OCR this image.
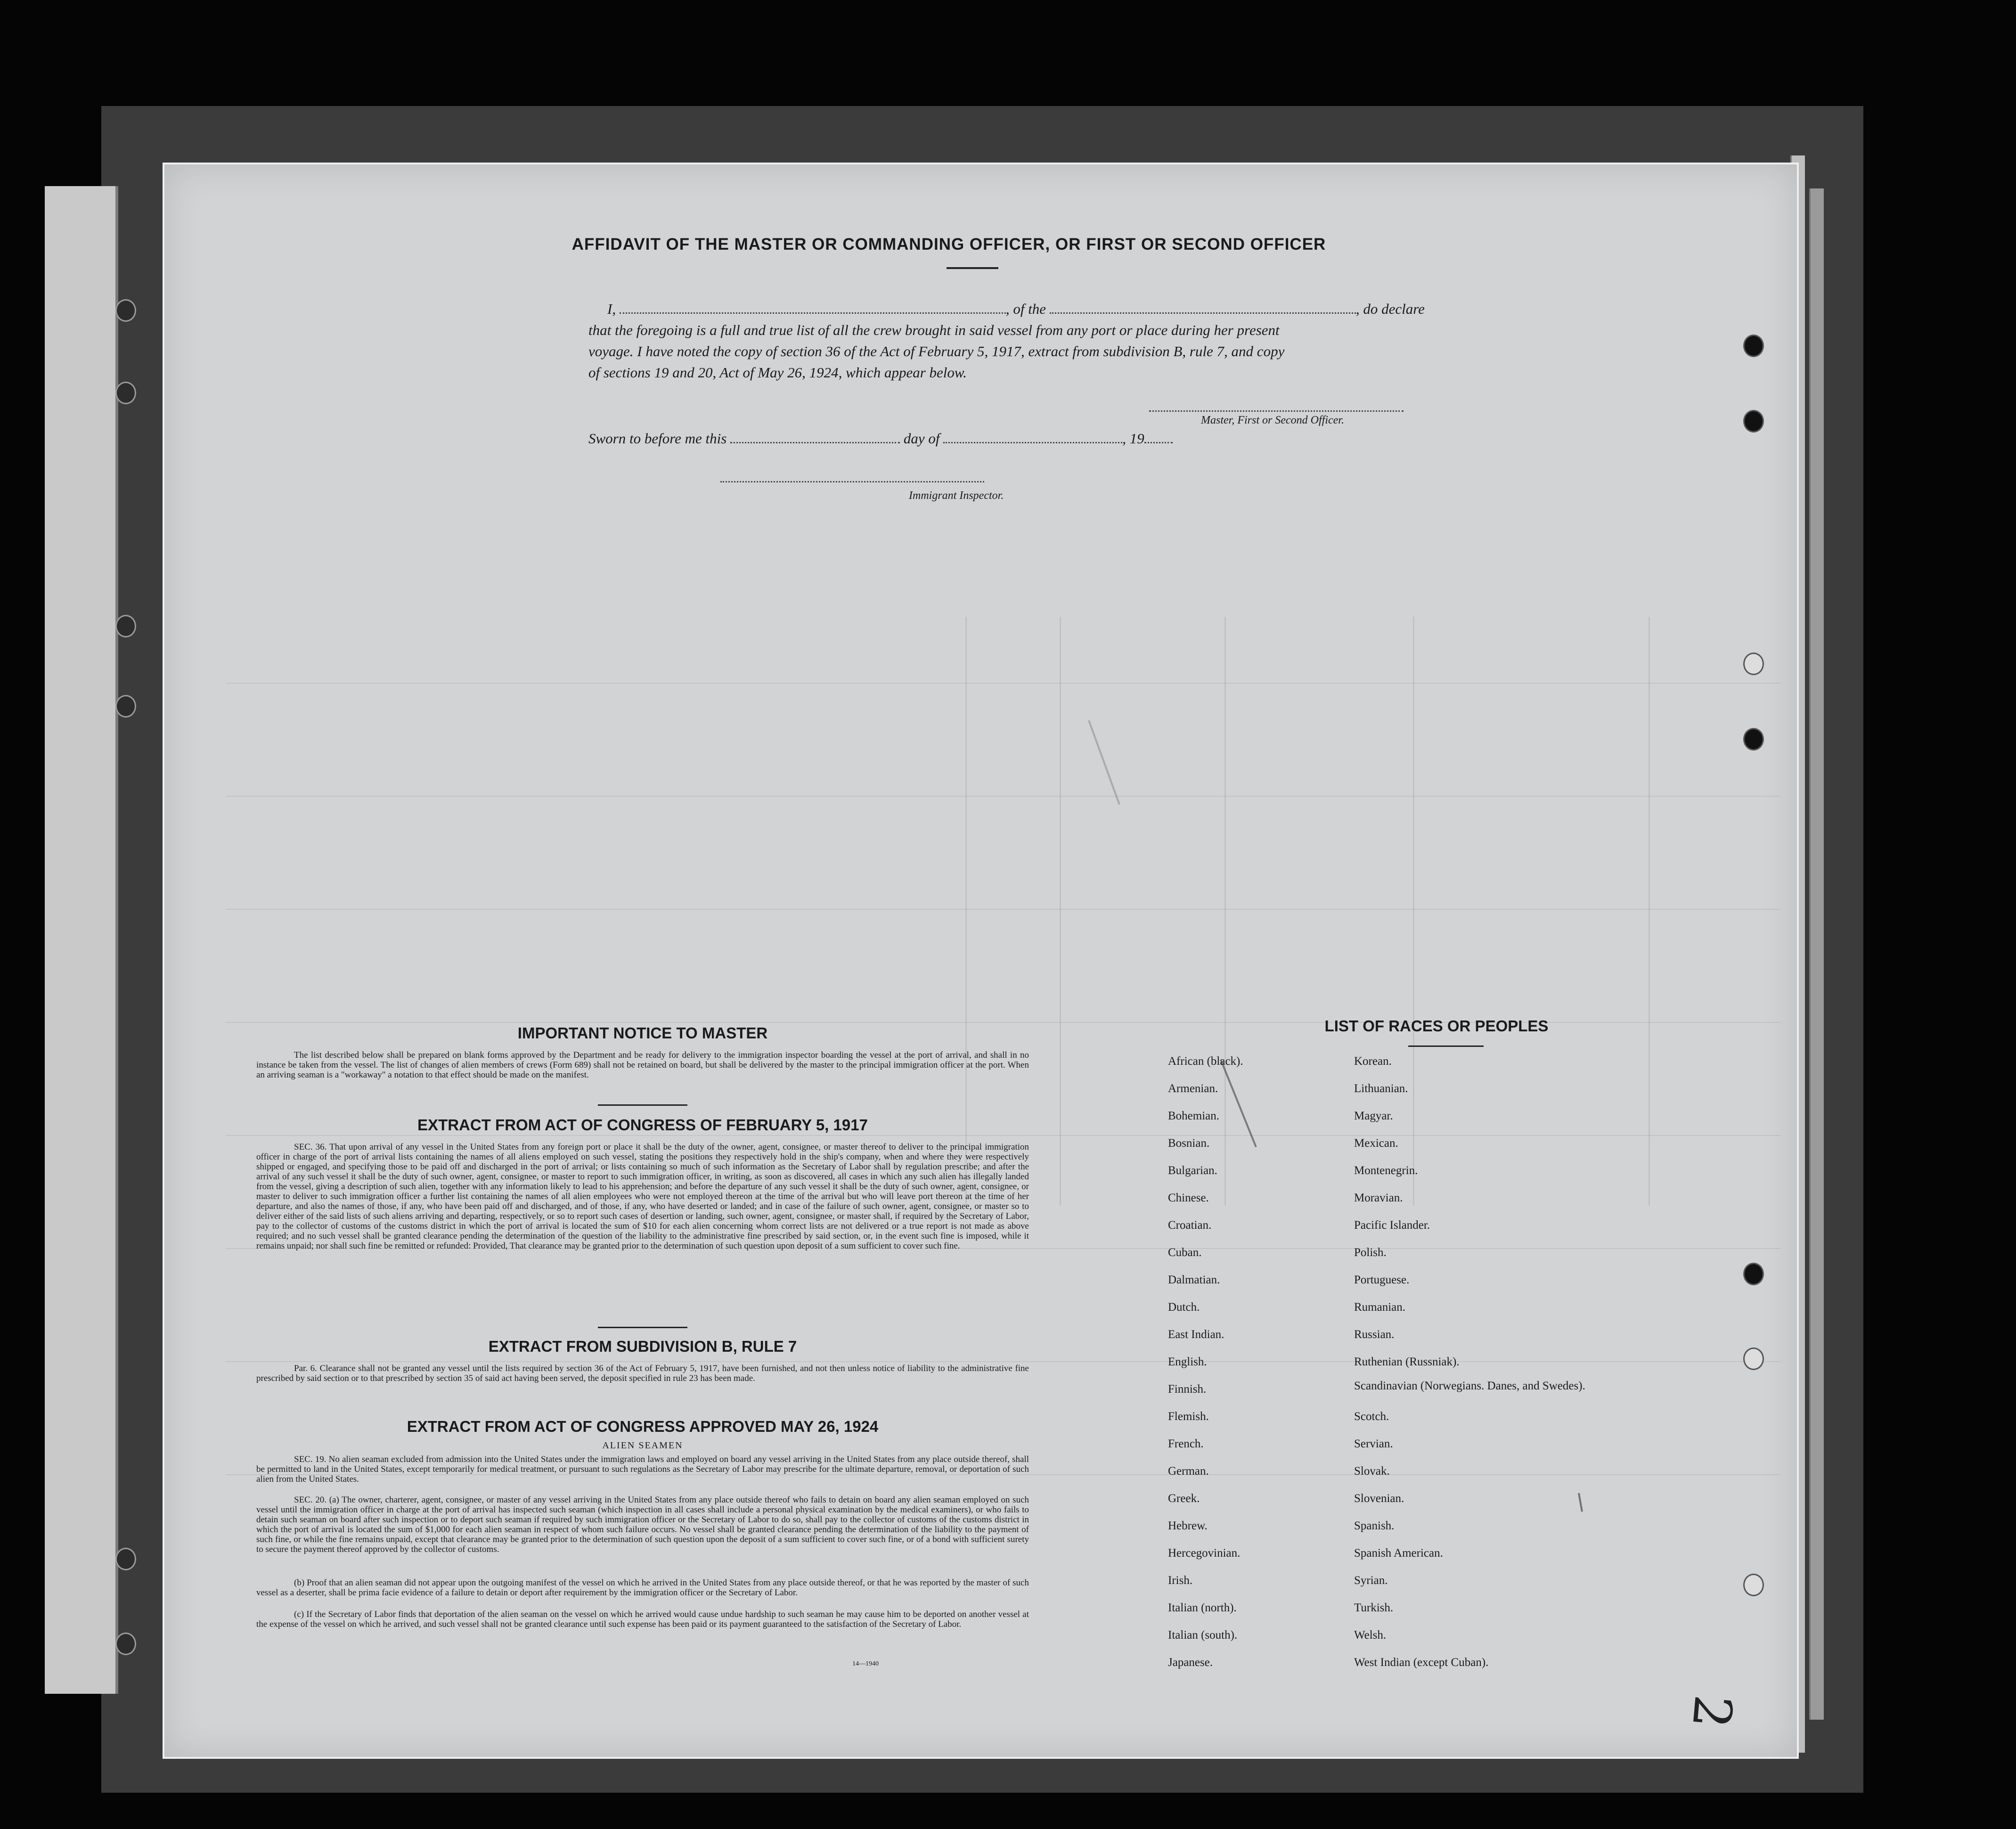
AFFIDAVIT OF THE MASTER OR COMMANDING OFFICER, OR FIRST OR SECOND OFFICER
I,	, of the	, do declare
that the foregoing is a full and true list of all the crew brought in said vessel from any port or place during her present
voyage. I have noted the copy of section 36 of the Act of February 5, 1917, extract from subdivision B, rule 7, and copy
of sections 19 and 20, Act of May 26, 1924, which appear below.
Master, First or Second Officer.
Sworn to before me this	day of	, 19
Immigrant Inspector.
IMPORTANT NOTICE TO MASTER
The list described below shall be prepared on blank forms approved by the Department and be ready for delivery to the immigration inspector boarding the vessel at the port of arrival, and shall in no instance be taken from the vessel. The list of changes of alien members of crews (Form 689) shall not be retained on board, but shall be delivered by the master to the principal immigration officer at the port. When an arriving seaman is a "workaway" a notation to that effect should be made on the manifest.
EXTRACT FROM ACT OF CONGRESS OF FEBRUARY 5, 1917
SEC. 36. That upon arrival of any vessel in the United States from any foreign port or place it shall be the duty of the owner, agent, consignee, or master thereof to deliver to the principal immigration officer in charge of the port of arrival lists containing the names of all aliens employed on such vessel, stating the positions they respectively hold in the ship's company, when and where they were respectively shipped or engaged, and specifying those to be paid off and discharged in the port of arrival; or lists containing so much of such information as the Secretary of Labor shall by regulation prescribe; and after the arrival of any such vessel it shall be the duty of such owner, agent, consignee, or master to report to such immigration officer, in writing, as soon as discovered, all cases in which any such alien has illegally landed from the vessel, giving a description of such alien, together with any information likely to lead to his apprehension; and before the departure of any such vessel it shall be the duty of such owner, agent, consignee, or master to deliver to such immigration officer a further list containing the names of all alien employees who were not employed thereon at the time of the arrival but who will leave port thereon at the time of her departure, and also the names of those, if any, who have been paid off and discharged, and of those, if any, who have deserted or landed; and in case of the failure of such owner, agent, consignee, or master so to deliver either of the said lists of such aliens arriving and departing, respectively, or so to report such cases of desertion or landing, such owner, agent, consignee, or master shall, if required by the Secretary of Labor, pay to the collector of customs of the customs district in which the port of arrival is located the sum of $10 for each alien concerning whom correct lists are not delivered or a true report is not made as above required; and no such vessel shall be granted clearance pending the determination of the question of the liability to the administrative fine prescribed by said section, or, in the event such fine is imposed, while it remains unpaid; nor shall such fine be remitted or refunded: Provided, That clearance may be granted prior to the determination of such question upon deposit of a sum sufficient to cover such fine.
EXTRACT FROM SUBDIVISION B, RULE 7
Par. 6. Clearance shall not be granted any vessel until the lists required by section 36 of the Act of February 5, 1917, have been furnished, and not then unless notice of liability to the administrative fine prescribed by said section or to that prescribed by section 35 of said act having been served, the deposit specified in rule 23 has been made.
EXTRACT FROM ACT OF CONGRESS APPROVED MAY 26, 1924
ALIEN SEAMEN
SEC. 19. No alien seaman excluded from admission into the United States under the immigration laws and employed on board any vessel arriving in the United States from any place outside thereof, shall be permitted to land in the United States, except temporarily for medical treatment, or pursuant to such regulations as the Secretary of Labor may prescribe for the ultimate departure, removal, or deportation of such alien from the United States.
SEC. 20. (a) The owner, charterer, agent, consignee, or master of any vessel arriving in the United States from any place outside thereof who fails to detain on board any alien seaman employed on such vessel until the immigration officer in charge at the port of arrival has inspected such seaman (which inspection in all cases shall include a personal physical examination by the medical examiners), or who fails to detain such seaman on board after such inspection or to deport such seaman if required by such immigration officer or the Secretary of Labor to do so, shall pay to the collector of customs of the customs district in which the port of arrival is located the sum of $1,000 for each alien seaman in respect of whom such failure occurs. No vessel shall be granted clearance pending the determination of the liability to the payment of such fine, or while the fine remains unpaid, except that clearance may be granted prior to the determination of such question upon the deposit of a sum sufficient to cover such fine, or of a bond with sufficient surety to secure the payment thereof approved by the collector of customs.
(b) Proof that an alien seaman did not appear upon the outgoing manifest of the vessel on which he arrived in the United States from any place outside thereof, or that he was reported by the master of such vessel as a deserter, shall be prima facie evidence of a failure to detain or deport after requirement by the immigration officer or the Secretary of Labor.
(c) If the Secretary of Labor finds that deportation of the alien seaman on the vessel on which he arrived would cause undue hardship to such seaman he may cause him to be deported on another vessel at the expense of the vessel on which he arrived, and such vessel shall not be granted clearance until such expense has been paid or its payment guaranteed to the satisfaction of the Secretary of Labor.
14—1940
LIST OF RACES OR PEOPLES
African (black).
Armenian.
Bohemian.
Bosnian.
Bulgarian.
Chinese.
Croatian.
Cuban.
Dalmatian.
Dutch.
East Indian.
English.
Finnish.
Flemish.
French.
German.
Greek.
Hebrew.
Hercegovinian.
Irish.
Italian (north).
Italian (south).
Japanese.
Korean.
Lithuanian.
Magyar.
Mexican.
Montenegrin.
Moravian.
Pacific Islander.
Polish.
Portuguese.
Rumanian.
Russian.
Ruthenian (Russniak).
Scandinavian (Norwegians. Danes, and Swedes).
Scotch.
Servian.
Slovak.
Slovenian.
Spanish.
Spanish American.
Syrian.
Turkish.
Welsh.
West Indian (except Cuban).
2
